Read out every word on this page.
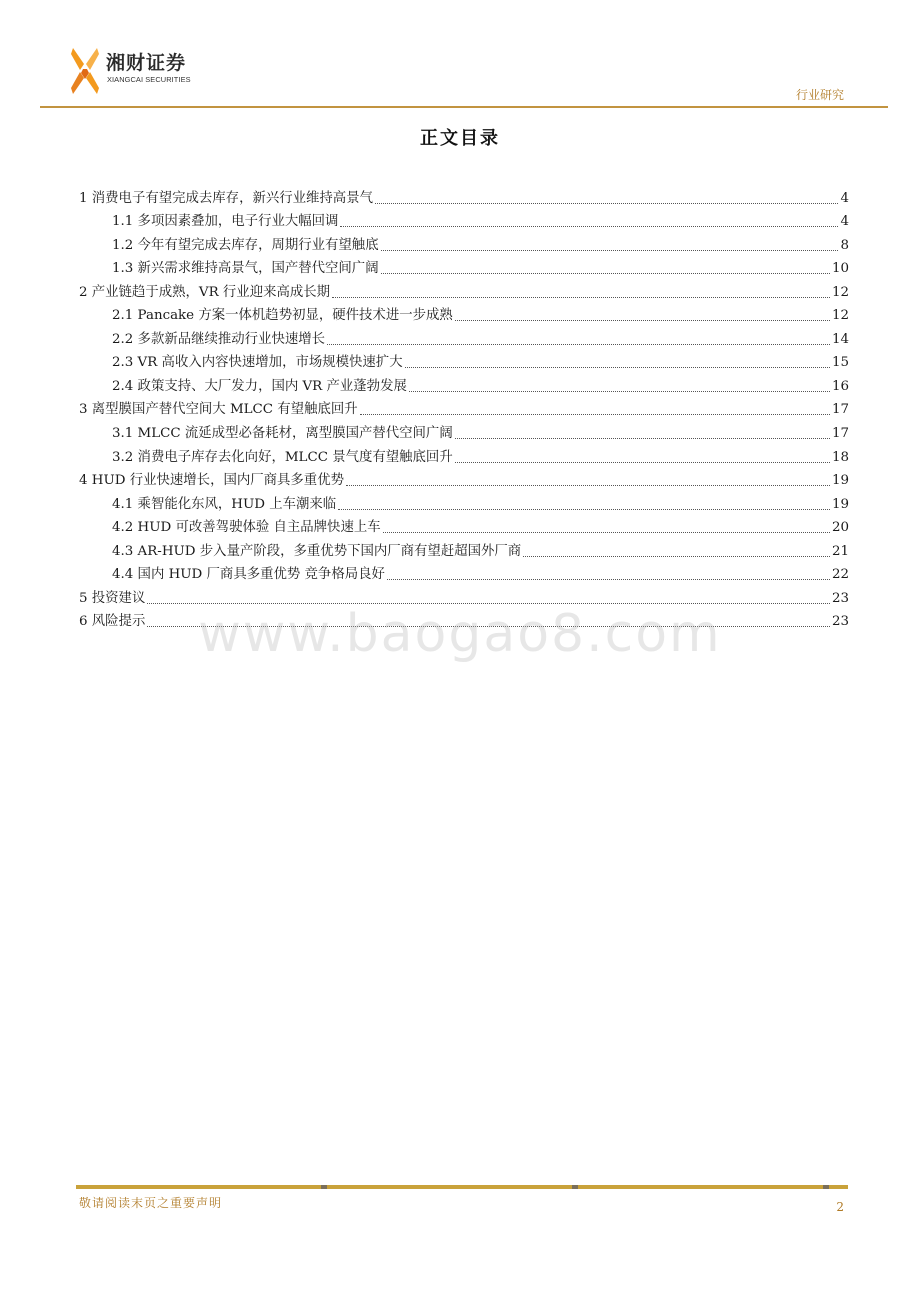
湘财证券
XIANGCAI SECURITIES
行业研究
正文目录
1 消费电子有望完成去库存，新兴行业维持高景气	4
1.1 多项因素叠加，电子行业大幅回调	4
1.2 今年有望完成去库存，周期行业有望触底	8
1.3 新兴需求维持高景气，国产替代空间广阔	10
2 产业链趋于成熟，VR 行业迎来高成长期	12
2.1 Pancake 方案一体机趋势初显，硬件技术进一步成熟	12
2.2 多款新品继续推动行业快速增长	14
2.3 VR 高收入内容快速增加，市场规模快速扩大	15
2.4 政策支持、大厂发力，国内 VR 产业蓬勃发展	16
3 离型膜国产替代空间大 MLCC 有望触底回升	17
3.1 MLCC 流延成型必备耗材，离型膜国产替代空间广阔	17
3.2 消费电子库存去化向好，MLCC 景气度有望触底回升	18
4 HUD 行业快速增长，国内厂商具多重优势	19
4.1 乘智能化东风，HUD 上车潮来临	19
4.2 HUD 可改善驾驶体验 自主品牌快速上车	20
4.3 AR-HUD 步入量产阶段，多重优势下国内厂商有望赶超国外厂商	21
4.4 国内 HUD 厂商具多重优势 竞争格局良好	22
5 投资建议	23
6 风险提示	23
www.baogao8.com
敬请阅读末页之重要声明	2
